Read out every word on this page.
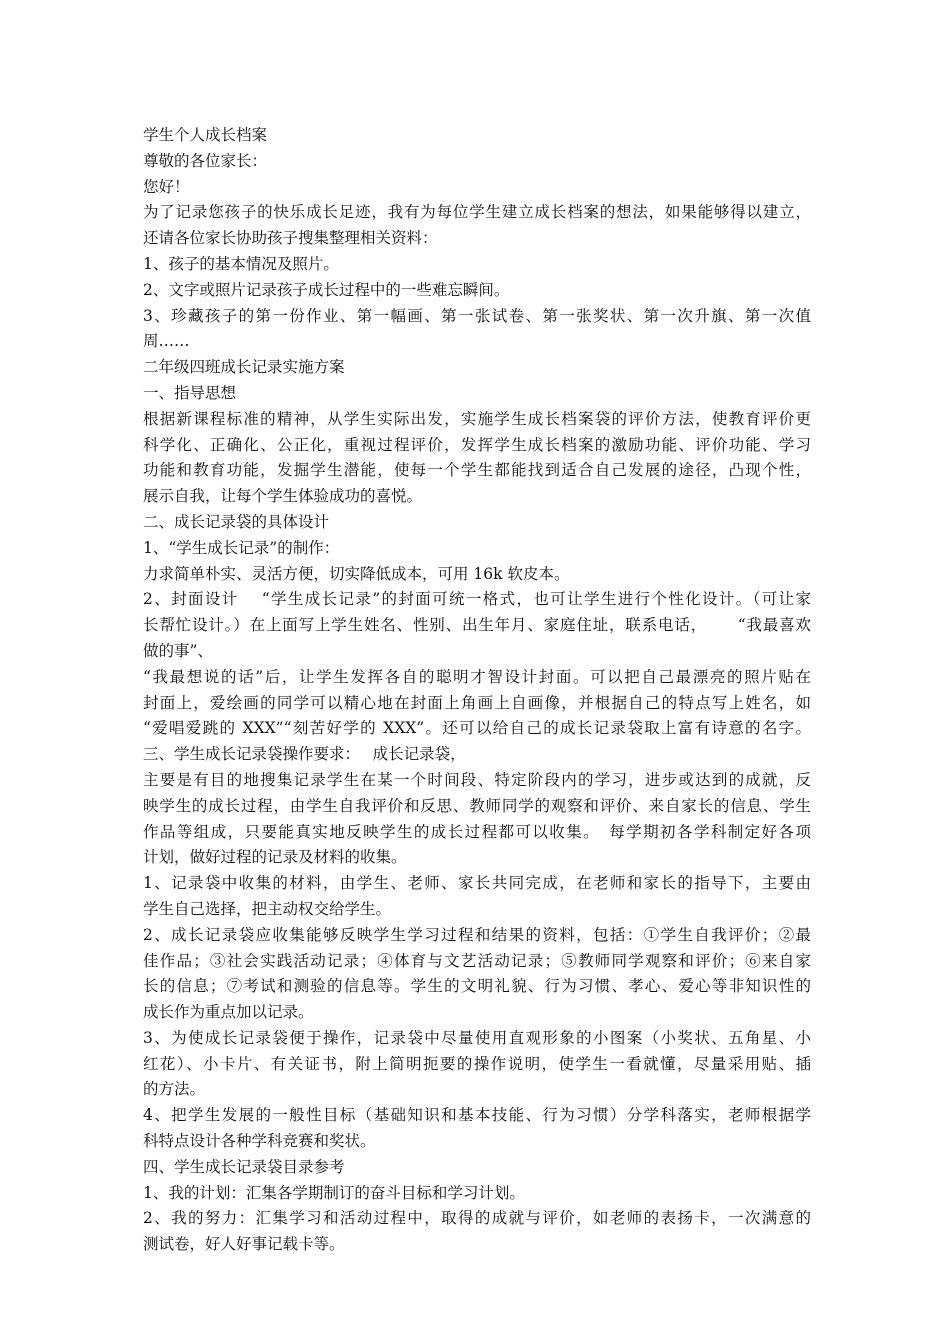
学生个人成长档案

尊敬的各位家长：

您好！

为了记录您孩子的快乐成长足迹，我有为每位学生建立成长档案的想法，如果能够得以建立，

还请各位家长协助孩子搜集整理相关资料：

1、孩子的基本情况及照片。

2、文字或照片记录孩子成长过程中的一些难忘瞬间。

3、珍藏孩子的第一份作业、第一幅画、第一张试卷、第一张奖状、第一次升旗、第一次值

周……

二年级四班成长记录实施方案

一、指导思想

根据新课程标准的精神，从学生实际出发，实施学生成长档案袋的评价方法，使教育评价更

科学化、正确化、公正化，重视过程评价，发挥学生成长档案的激励功能、评价功能、学习

功能和教育功能，发掘学生潜能，使每一个学生都能找到适合自己发展的途径，凸现个性，

展示自我，让每个学生体验成功的喜悦。

二、成长记录袋的具体设计

1、“学生成长记录”的制作：

力求简单朴实、灵活方便，切实降低成本，可用 16k 软皮本。

2、封面设计　 “学生成长记录”的封面可统一格式，也可让学生进行个性化设计。（可让家

长帮忙设计。）在上面写上学生姓名、性别、出生年月、家庭住址，联系电话，　　 “我最喜欢

做的事”、

“我最想说的话”后，让学生发挥各自的聪明才智设计封面。可以把自己最漂亮的照片贴在

封面上，爱绘画的同学可以精心地在封面上角画上自画像，并根据自己的特点写上姓名，如

“爱唱爱跳的 XXX”“刻苦好学的 XXX”。还可以给自己的成长记录袋取上富有诗意的名字。

三、学生成长记录袋操作要求：　 成长记录袋，

主要是有目的地搜集记录学生在某一个时间段、特定阶段内的学习，进步或达到的成就，反

映学生的成长过程，由学生自我评价和反思、教师同学的观察和评价、来自家长的信息、学生

作品等组成，只要能真实地反映学生的成长过程都可以收集。　每学期初各学科制定好各项

计划，做好过程的记录及材料的收集。

1、记录袋中收集的材料，由学生、老师、家长共同完成，在老师和家长的指导下，主要由

学生自己选择，把主动权交给学生。

2、成长记录袋应收集能够反映学生学习过程和结果的资料，包括：①学生自我评价；②最

佳作品；③社会实践活动记录；④体育与文艺活动记录；⑤教师同学观察和评价；⑥来自家

长的信息；⑦考试和测验的信息等。学生的文明礼貌、行为习惯、孝心、爱心等非知识性的

成长作为重点加以记录。

3、为使成长记录袋便于操作，记录袋中尽量使用直观形象的小图案（小奖状、五角星、小

红花）、小卡片、有关证书，附上简明扼要的操作说明，使学生一看就懂，尽量采用贴、插

的方法。

4、把学生发展的一般性目标（基础知识和基本技能、行为习惯）分学科落实，老师根据学

科特点设计各种学科竞赛和奖状。

四、学生成长记录袋目录参考

1、我的计划：汇集各学期制订的奋斗目标和学习计划。

2、我的努力：汇集学习和活动过程中，取得的成就与评价，如老师的表扬卡，一次满意的

测试卷，好人好事记载卡等。
